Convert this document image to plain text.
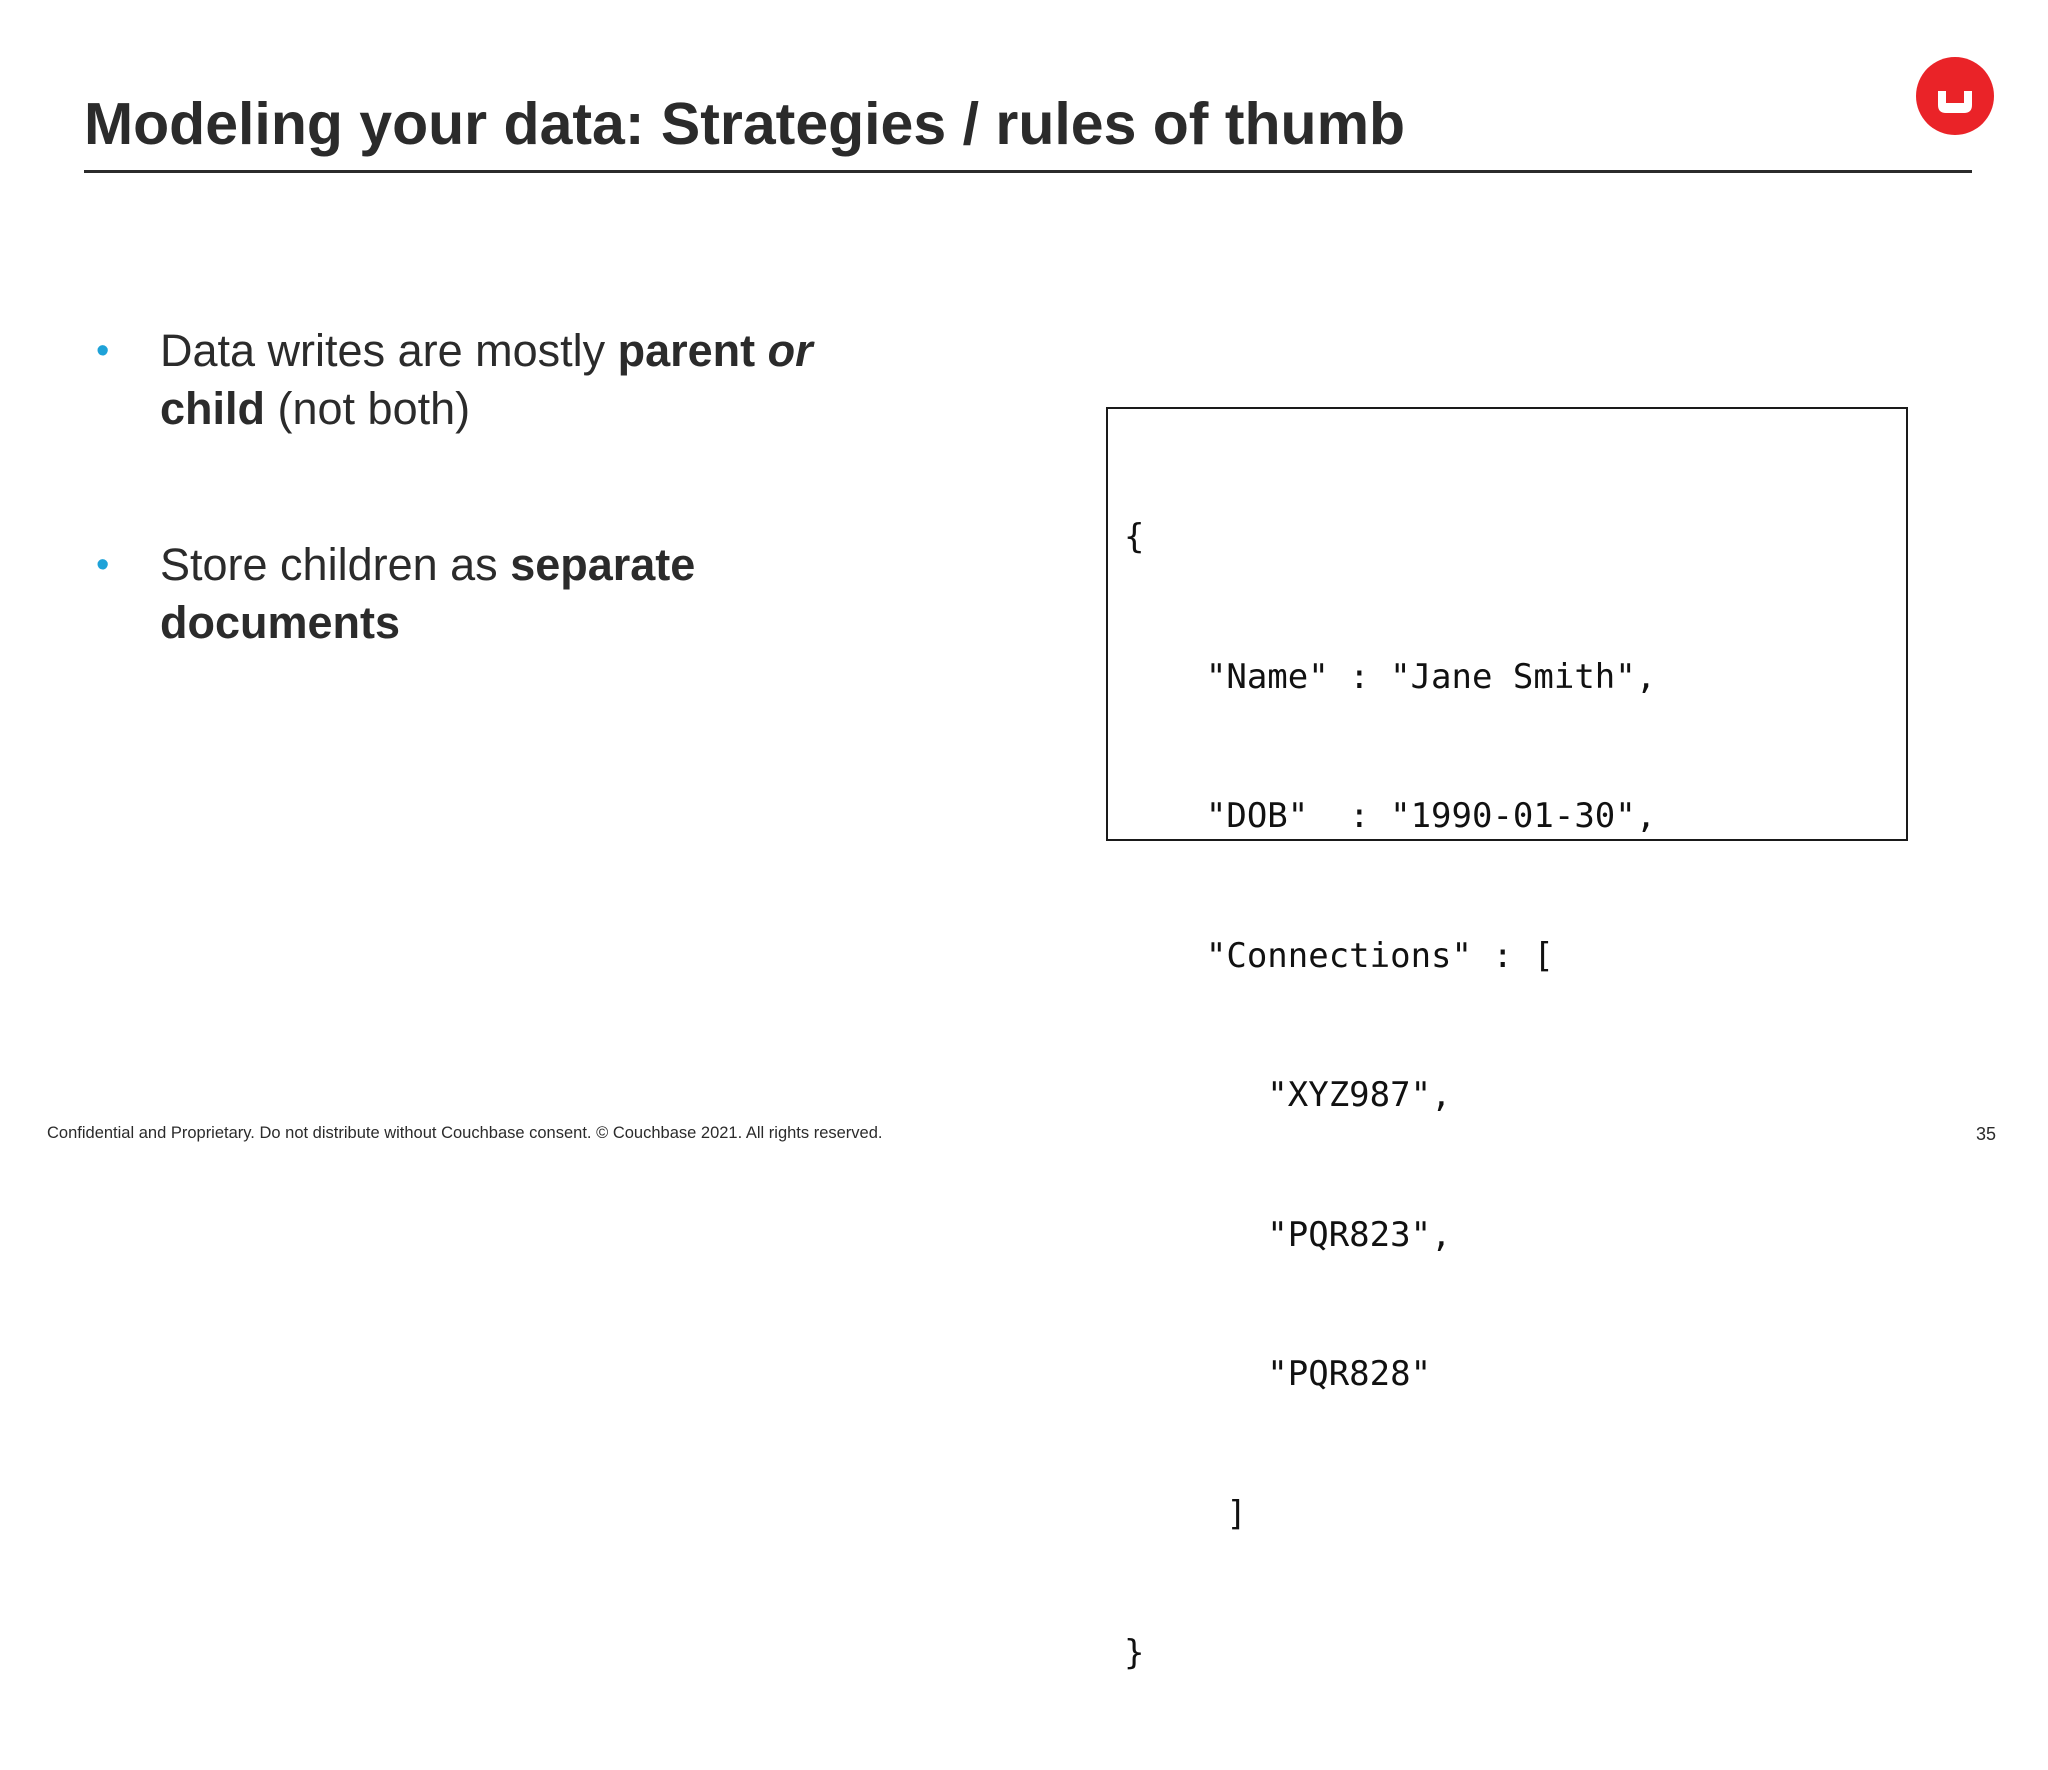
Modeling your data: Strategies / rules of thumb
• Data writes are mostly parent or
child (not both)
• Store children as separate
documents

{

"Name" : "Jane Smith",

"DOB"  : "1990-01-30",

"Connections" : [

"XYZ987",

"PQR823",

"PQR828"

]

}

Confidential and Proprietary. Do not distribute without Couchbase consent. © Couchbase 2021. All rights reserved.	35
